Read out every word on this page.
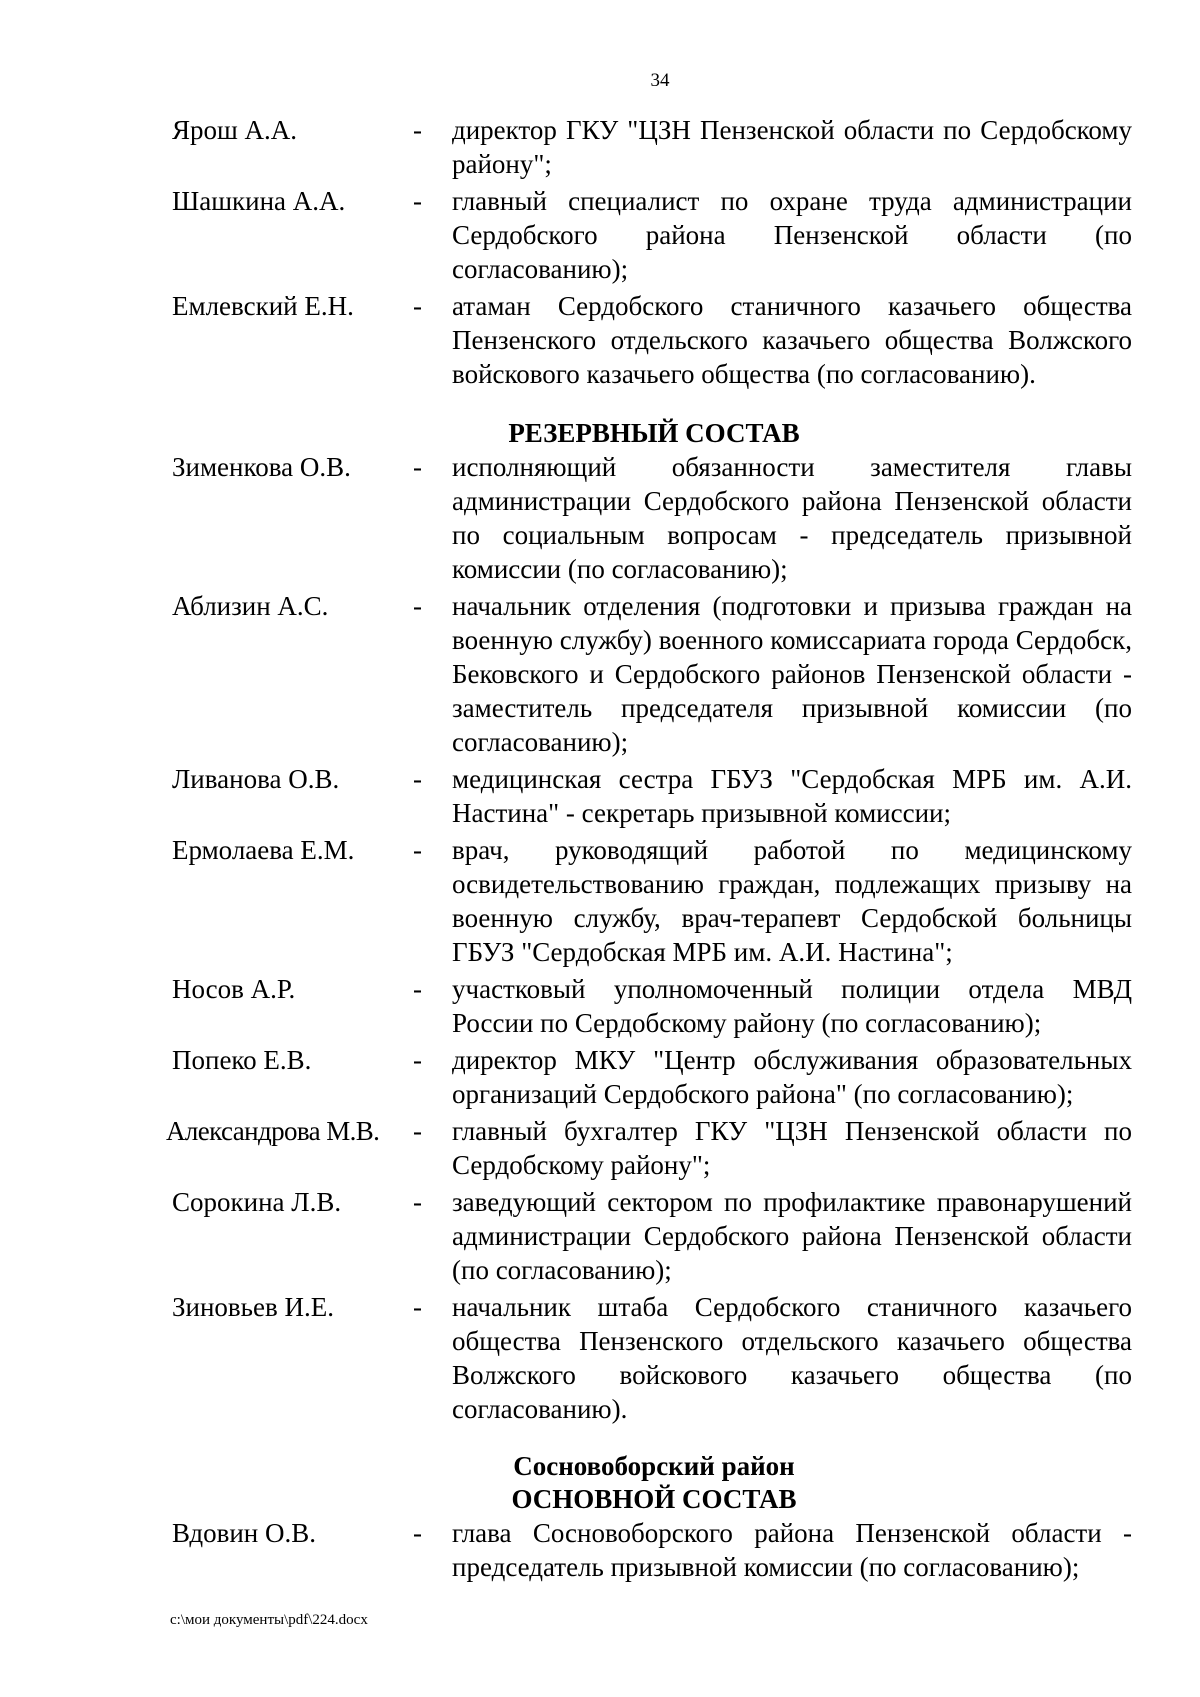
34
Ярош А.А.	- директор ГКУ "ЦЗН Пензенской области по Сердобскому району";
Шашкина А.А.	- главный специалист по охране труда администрации Сердобского района Пензенской области (по согласованию);
Емлевский Е.Н. - атаман Сердобского станичного казачьего общества Пензенского отдельского казачьего общества Волжского войскового казачьего общества (по согласованию).
РЕЗЕРВНЫЙ СОСТАВ
Зименкова О.В. - исполняющий обязанности заместителя главы администрации Сердобского района Пензенской области по социальным вопросам - председатель призывной комиссии (по согласованию);
Аблизин А.С.	- начальник отделения (подготовки и призыва граждан на военную службу) военного комиссариата города Сердобск, Бековского и Сердобского районов Пензенской области - заместитель председателя призывной комиссии (по согласованию);
Ливанова О.В.	- медицинская сестра ГБУЗ "Сердобская МРБ им. А.И. Настина" - секретарь призывной комиссии;
Ермолаева Е.М. - врач, руководящий работой по медицинскому освидетельствованию граждан, подлежащих призыву на военную службу, врач-терапевт Сердобской больницы ГБУЗ "Сердобская МРБ им. А.И. Настина";
Носов А.Р.	- участковый уполномоченный полиции отдела МВД России по Сердобскому району (по согласованию);
Попеко Е.В.	- директор МКУ "Центр обслуживания образовательных организаций Сердобского района" (по согласованию);
Александрова М.В. - главный бухгалтер ГКУ "ЦЗН Пензенской области по Сердобскому району";
Сорокина Л.В.	- заведующий сектором по профилактике правонарушений администрации Сердобского района Пензенской области (по согласованию);
Зиновьев И.Е.	- начальник штаба Сердобского станичного казачьего общества Пензенского отдельского казачьего общества Волжского войскового казачьего общества (по согласованию).
Сосновоборский район
ОСНОВНОЙ СОСТАВ
Вдовин О.В.	- глава Сосновоборского района Пензенской области - председатель призывной комиссии (по согласованию);
c:\мои документы\pdf\224.docx
